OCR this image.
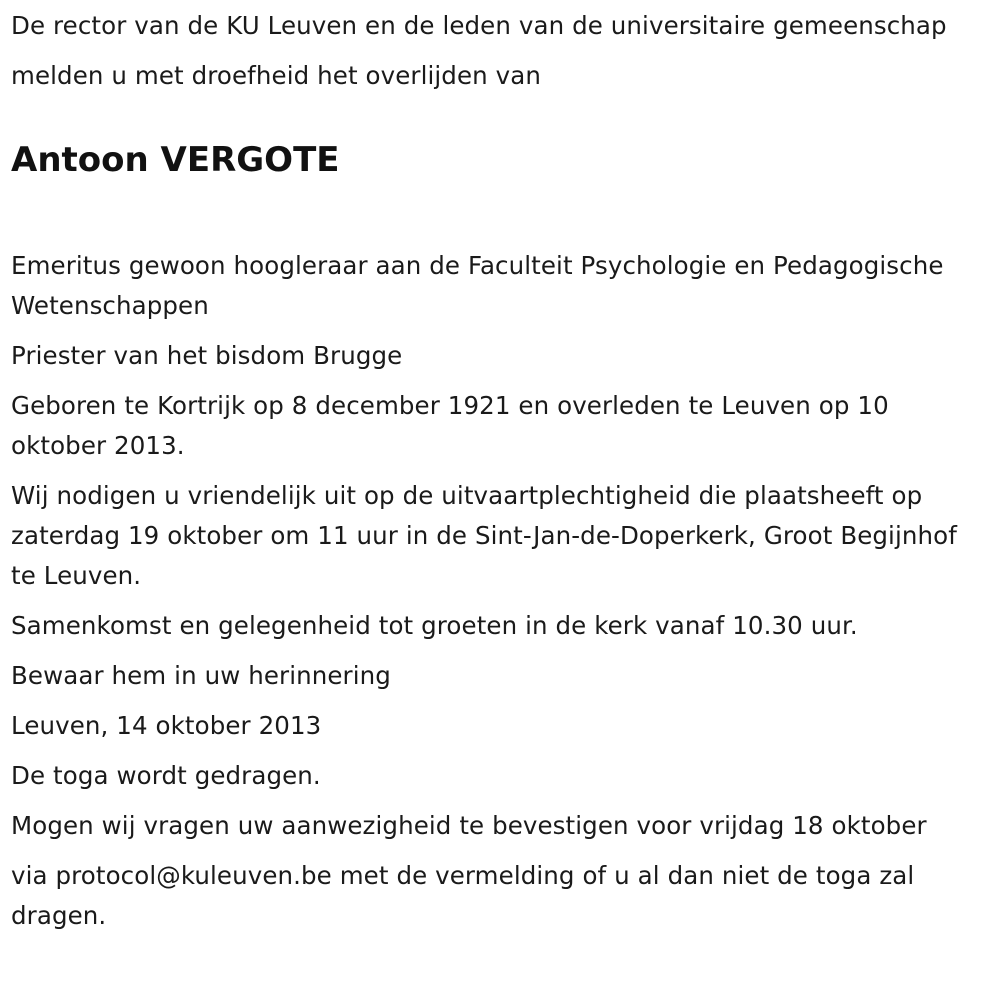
De rector van de KU Leuven en de leden van de universitaire gemeenschap

melden u met droefheid het overlijden van

Antoon VERGOTE

Emeritus gewoon hoogleraar aan de Faculteit Psychologie en Pedagogische Wetenschappen

Priester van het bisdom Brugge

Geboren te Kortrijk op 8 december 1921 en overleden te Leuven op 10 oktober 2013.

Wij nodigen u vriendelijk uit op de uitvaartplechtigheid die plaatsheeft op zaterdag 19 oktober om 11 uur in de Sint-Jan-de-Doperkerk, Groot Begijnhof te Leuven.

Samenkomst en gelegenheid tot groeten in de kerk vanaf 10.30 uur.

Bewaar hem in uw herinnering

Leuven, 14 oktober 2013

De toga wordt gedragen.

Mogen wij vragen uw aanwezigheid te bevestigen voor vrijdag 18 oktober

via protocol@kuleuven.be met de vermelding of u al dan niet de toga zal dragen.
